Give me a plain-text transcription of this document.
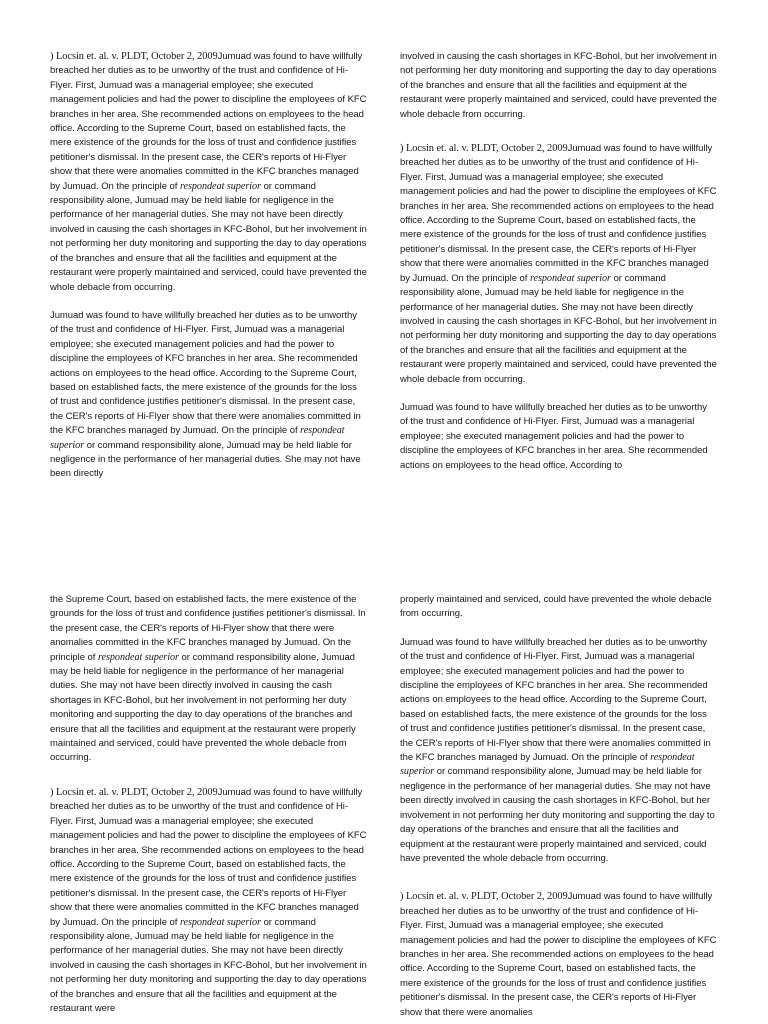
) Locsin et. al. v. PLDT, October 2, 2009Jumuad was found to have willfully breached her duties as to be unworthy of the trust and confidence of Hi-Flyer. First, Jumuad was a managerial employee; she executed management policies and had the power to discipline the employees of KFC branches in her area. She recommended actions on employees to the head office. According to the Supreme Court, based on established facts, the mere existence of the grounds for the loss of trust and confidence justifies petitioner's dismissal. In the present case, the CER's reports of Hi-Flyer show that there were anomalies committed in the KFC branches managed by Jumuad. On the principle of respondeat superior or command responsibility alone, Jumuad may be held liable for negligence in the performance of her managerial duties. She may not have been directly involved in causing the cash shortages in KFC-Bohol, but her involvement in not performing her duty monitoring and supporting the day to day operations of the branches and ensure that all the facilities and equipment at the restaurant were properly maintained and serviced, could have prevented the whole debacle from occurring.

Jumuad was found to have willfully breached her duties as to be unworthy of the trust and confidence of Hi-Flyer. First, Jumuad was a managerial employee; she executed management policies and had the power to discipline the employees of KFC branches in her area. She recommended actions on employees to the head office. According to the Supreme Court, based on established facts, the mere existence of the grounds for the loss of trust and confidence justifies petitioner's dismissal. In the present case, the CER's reports of Hi-Flyer show that there were anomalies committed in the KFC branches managed by Jumuad. On the principle of respondeat superior or command responsibility alone, Jumuad may be held liable for negligence in the performance of her managerial duties. She may not have been directly

involved in causing the cash shortages in KFC-Bohol, but her involvement in not performing her duty monitoring and supporting the day to day operations of the branches and ensure that all the facilities and equipment at the restaurant were properly maintained and serviced, could have prevented the whole debacle from occurring.

) Locsin et. al. v. PLDT, October 2, 2009Jumuad was found to have willfully breached her duties as to be unworthy of the trust and confidence of Hi-Flyer. First, Jumuad was a managerial employee; she executed management policies and had the power to discipline the employees of KFC branches in her area. She recommended actions on employees to the head office. According to the Supreme Court, based on established facts, the mere existence of the grounds for the loss of trust and confidence justifies petitioner's dismissal. In the present case, the CER's reports of Hi-Flyer show that there were anomalies committed in the KFC branches managed by Jumuad. On the principle of respondeat superior or command responsibility alone, Jumuad may be held liable for negligence in the performance of her managerial duties. She may not have been directly involved in causing the cash shortages in KFC-Bohol, but her involvement in not performing her duty monitoring and supporting the day to day operations of the branches and ensure that all the facilities and equipment at the restaurant were properly maintained and serviced, could have prevented the whole debacle from occurring.

Jumuad was found to have willfully breached her duties as to be unworthy of the trust and confidence of Hi-Flyer. First, Jumuad was a managerial employee; she executed management policies and had the power to discipline the employees of KFC branches in her area. She recommended actions on employees to the head office. According to

the Supreme Court, based on established facts, the mere existence of the grounds for the loss of trust and confidence justifies petitioner's dismissal. In the present case, the CER's reports of Hi-Flyer show that there were anomalies committed in the KFC branches managed by Jumuad. On the principle of respondeat superior or command responsibility alone, Jumuad may be held liable for negligence in the performance of her managerial duties. She may not have been directly involved in causing the cash shortages in KFC-Bohol, but her involvement in not performing her duty monitoring and supporting the day to day operations of the branches and ensure that all the facilities and equipment at the restaurant were properly maintained and serviced, could have prevented the whole debacle from occurring.

) Locsin et. al. v. PLDT, October 2, 2009Jumuad was found to have willfully breached her duties as to be unworthy of the trust and confidence of Hi-Flyer. First, Jumuad was a managerial employee; she executed management policies and had the power to discipline the employees of KFC branches in her area. She recommended actions on employees to the head office. According to the Supreme Court, based on established facts, the mere existence of the grounds for the loss of trust and confidence justifies petitioner's dismissal. In the present case, the CER's reports of Hi-Flyer show that there were anomalies committed in the KFC branches managed by Jumuad. On the principle of respondeat superior or command responsibility alone, Jumuad may be held liable for negligence in the performance of her managerial duties. She may not have been directly involved in causing the cash shortages in KFC-Bohol, but her involvement in not performing her duty monitoring and supporting the day to day operations of the branches and ensure that all the facilities and equipment at the restaurant were

properly maintained and serviced, could have prevented the whole debacle from occurring.

Jumuad was found to have willfully breached her duties as to be unworthy of the trust and confidence of Hi-Flyer. First, Jumuad was a managerial employee; she executed management policies and had the power to discipline the employees of KFC branches in her area. She recommended actions on employees to the head office. According to the Supreme Court, based on established facts, the mere existence of the grounds for the loss of trust and confidence justifies petitioner's dismissal. In the present case, the CER's reports of Hi-Flyer show that there were anomalies committed in the KFC branches managed by Jumuad. On the principle of respondeat superior or command responsibility alone, Jumuad may be held liable for negligence in the performance of her managerial duties. She may not have been directly involved in causing the cash shortages in KFC-Bohol, but her involvement in not performing her duty monitoring and supporting the day to day operations of the branches and ensure that all the facilities and equipment at the restaurant were properly maintained and serviced, could have prevented the whole debacle from occurring.

) Locsin et. al. v. PLDT, October 2, 2009Jumuad was found to have willfully breached her duties as to be unworthy of the trust and confidence of Hi-Flyer. First, Jumuad was a managerial employee; she executed management policies and had the power to discipline the employees of KFC branches in her area. She recommended actions on employees to the head office. According to the Supreme Court, based on established facts, the mere existence of the grounds for the loss of trust and confidence justifies petitioner's dismissal. In the present case, the CER's reports of Hi-Flyer show that there were anomalies
